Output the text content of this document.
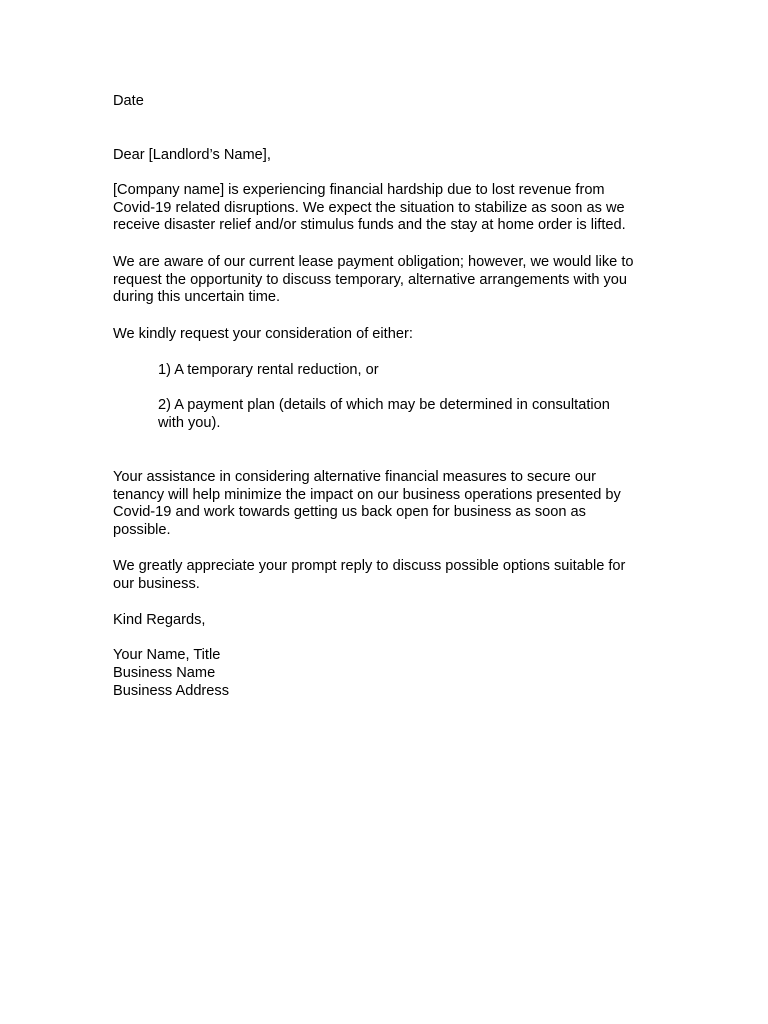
Date

Dear [Landlord’s Name],

[Company name] is experiencing financial hardship due to lost revenue from
Covid-19 related disruptions. We expect the situation to stabilize as soon as we
receive disaster relief and/or stimulus funds and the stay at home order is lifted.

We are aware of our current lease payment obligation; however, we would like to
request the opportunity to discuss temporary, alternative arrangements with you
during this uncertain time.

We kindly request your consideration of either:

1) A temporary rental reduction, or

2) A payment plan (details of which may be determined in consultation
with you).

Your assistance in considering alternative financial measures to secure our
tenancy will help minimize the impact on our business operations presented by
Covid-19 and work towards getting us back open for business as soon as
possible.

We greatly appreciate your prompt reply to discuss possible options suitable for
our business.

Kind Regards,

Your Name, Title

Business Name

Business Address
